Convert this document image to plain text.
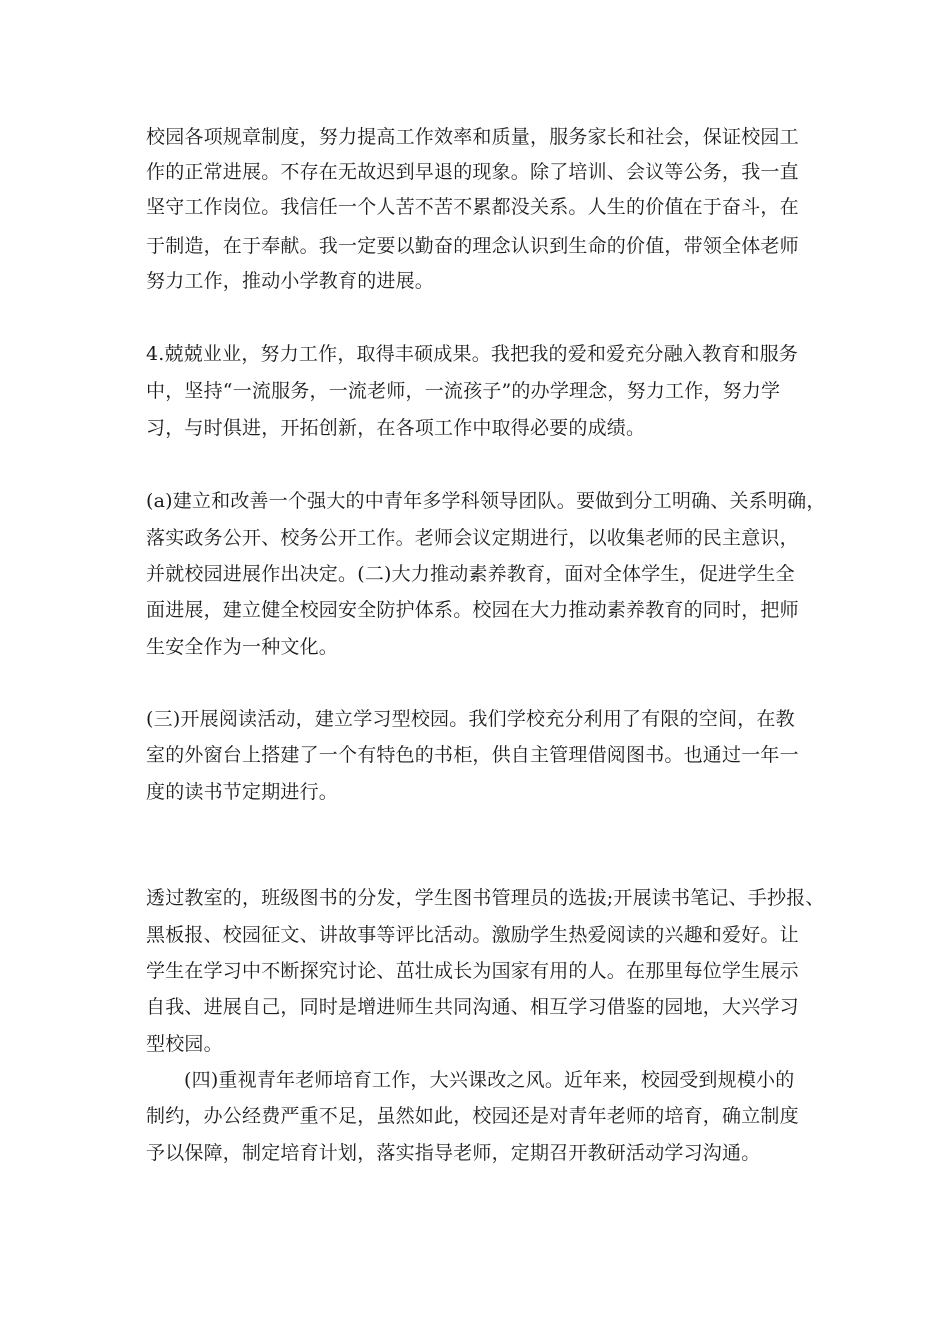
校园各项规章制度，努力提高工作效率和质量，服务家长和社会，保证校园工
作的正常进展。不存在无故迟到早退的现象。除了培训、会议等公务，我一直
坚守工作岗位。我信任一个人苦不苦不累都没关系。人生的价值在于奋斗，在
于制造，在于奉献。我一定要以勤奋的理念认识到生命的价值，带领全体老师
努力工作，推动小学教育的进展。
4.兢兢业业，努力工作，取得丰硕成果。我把我的爱和爱充分融入教育和服务
中，坚持“一流服务，一流老师，一流孩子”的办学理念，努力工作，努力学
习，与时俱进，开拓创新，在各项工作中取得必要的成绩。
(a)建立和改善一个强大的中青年多学科领导团队。要做到分工明确、关系明确，
落实政务公开、校务公开工作。老师会议定期进行，以收集老师的民主意识，
并就校园进展作出决定。(二)大力推动素养教育，面对全体学生，促进学生全
面进展，建立健全校园安全防护体系。校园在大力推动素养教育的同时，把师
生安全作为一种文化。
(三)开展阅读活动，建立学习型校园。我们学校充分利用了有限的空间，在教
室的外窗台上搭建了一个有特色的书柜，供自主管理借阅图书。也通过一年一
度的读书节定期进行。
透过教室的，班级图书的分发，学生图书管理员的选拔;开展读书笔记、手抄报、
黑板报、校园征文、讲故事等评比活动。激励学生热爱阅读的兴趣和爱好。让
学生在学习中不断探究讨论、茁壮成长为国家有用的人。在那里每位学生展示
自我、进展自己，同时是增进师生共同沟通、相互学习借鉴的园地，大兴学习
型校园。
(四)重视青年老师培育工作，大兴课改之风。近年来，校园受到规模小的
制约，办公经费严重不足，虽然如此，校园还是对青年老师的培育，确立制度
予以保障，制定培育计划，落实指导老师，定期召开教研活动学习沟通。
